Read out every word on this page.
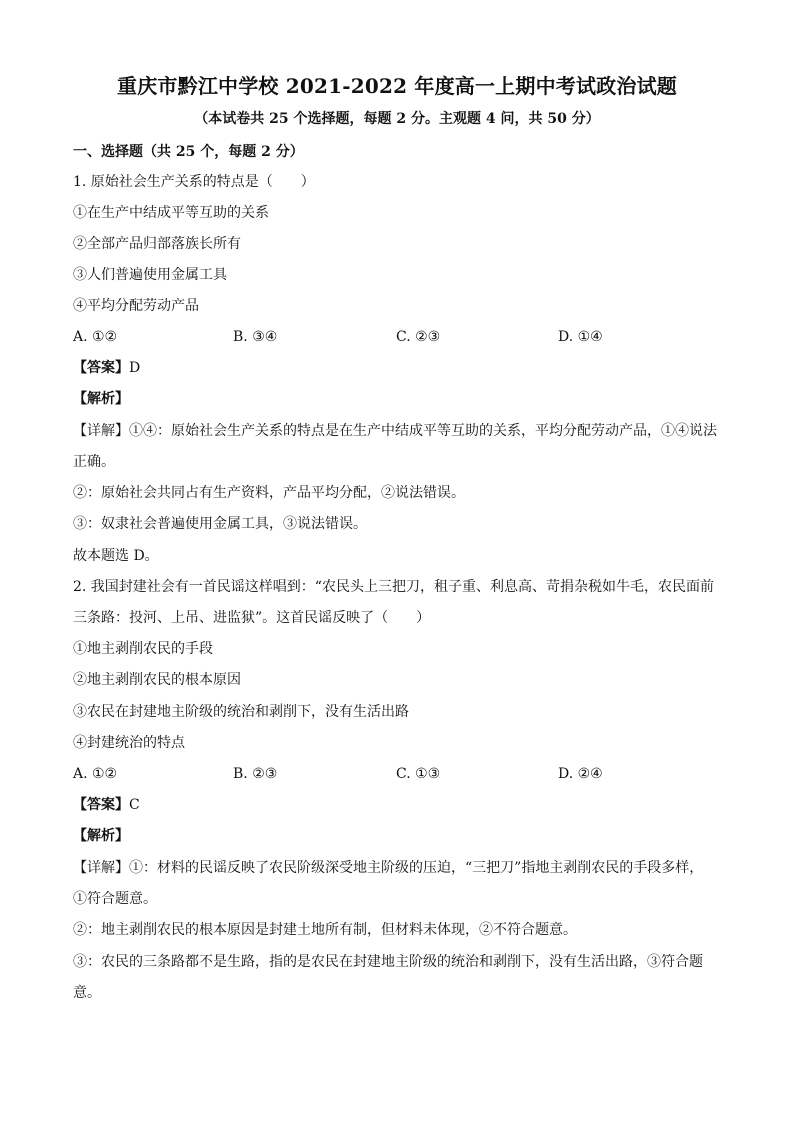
重庆市黔江中学校 2021-2022 年度高一上期中考试政治试题
（本试卷共 25 个选择题，每题 2 分。主观题 4 问，共 50 分）
一、选择题（共 25 个，每题 2 分）
1. 原始社会生产关系的特点是（　　）
①在生产中结成平等互助的关系
②全部产品归部落族长所有
③人们普遍使用金属工具
④平均分配劳动产品
A. ①②	B. ③④	C. ②③	D. ①④
【答案】D
【解析】
【详解】①④：原始社会生产关系的特点是在生产中结成平等互助的关系，平均分配劳动产品，①④说法
正确。
②：原始社会共同占有生产资料，产品平均分配，②说法错误。
③：奴隶社会普遍使用金属工具，③说法错误。
故本题选 D。
2. 我国封建社会有一首民谣这样唱到：“农民头上三把刀，租子重、利息高、苛捐杂税如牛毛，农民面前
三条路：投河、上吊、进监狱”。这首民谣反映了（　　）
①地主剥削农民的手段
②地主剥削农民的根本原因
③农民在封建地主阶级的统治和剥削下，没有生活出路
④封建统治的特点
A. ①②	B. ②③	C. ①③	D. ②④
【答案】C
【解析】
【详解】①：材料的民谣反映了农民阶级深受地主阶级的压迫，“三把刀”指地主剥削农民的手段多样，
①符合题意。
②：地主剥削农民的根本原因是封建土地所有制，但材料未体现，②不符合题意。
③：农民的三条路都不是生路，指的是农民在封建地主阶级的统治和剥削下，没有生活出路，③符合题
意。
